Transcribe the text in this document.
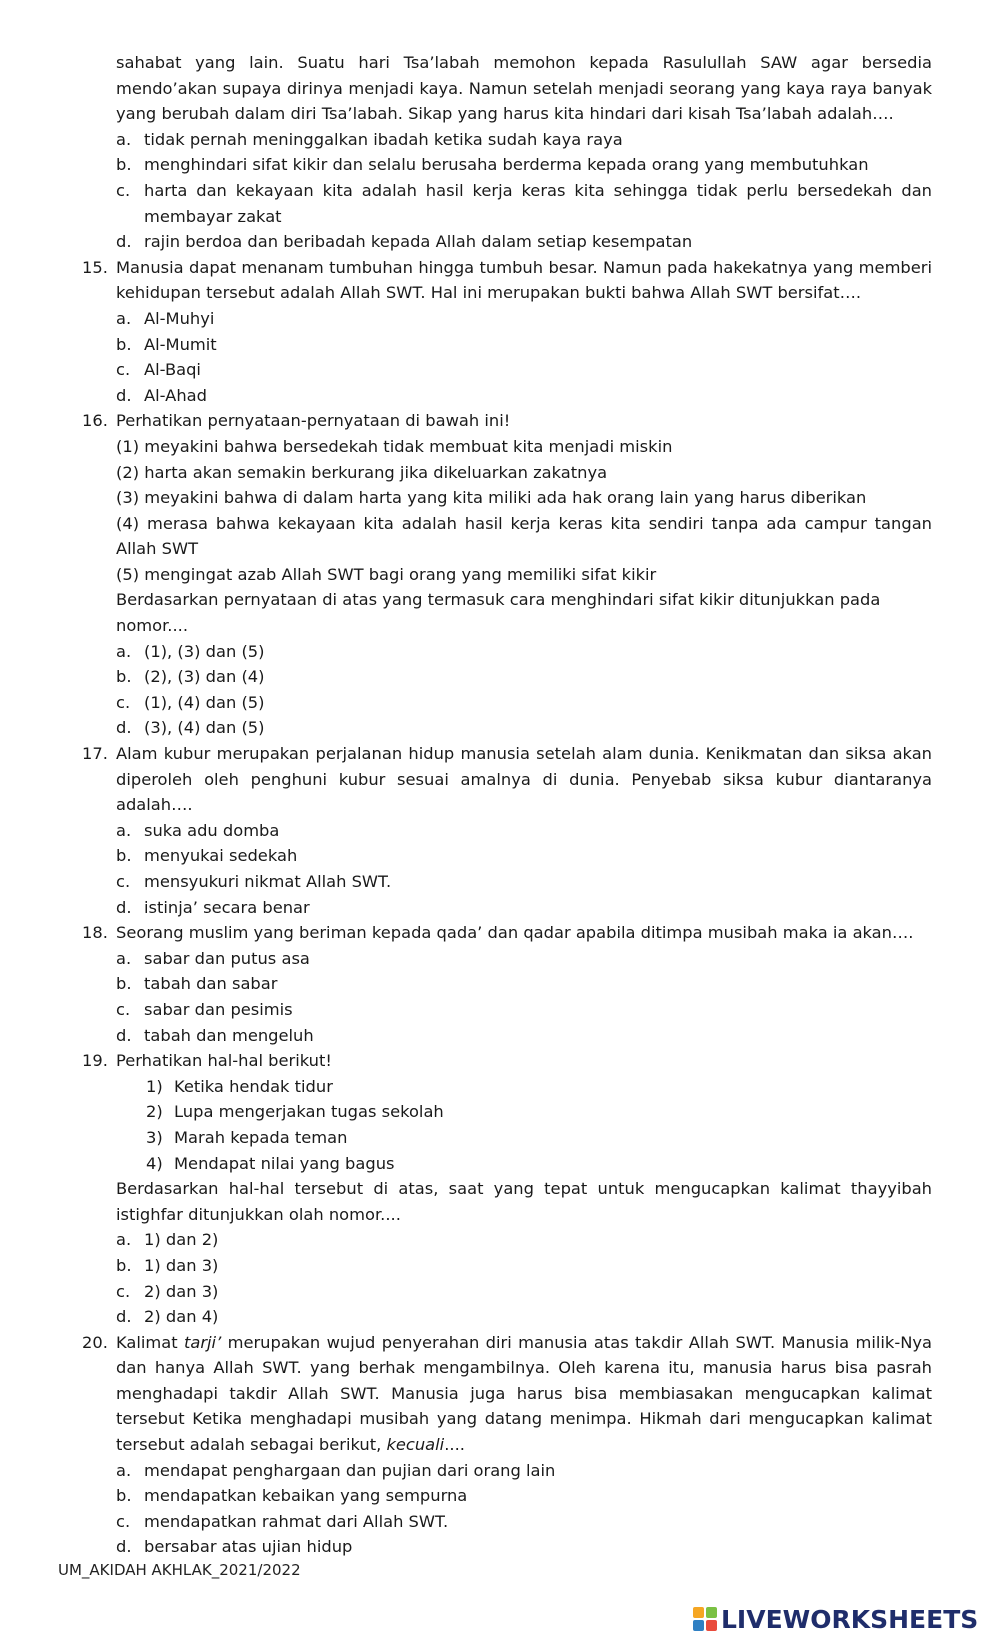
sahabat yang lain. Suatu hari Tsa’labah memohon kepada Rasulullah SAW agar bersedia mendo’akan supaya dirinya menjadi kaya. Namun setelah menjadi seorang yang kaya raya banyak yang berubah dalam diri Tsa’labah. Sikap yang harus kita hindari dari kisah Tsa’labah adalah….
a. tidak pernah meninggalkan ibadah ketika sudah kaya raya
b. menghindari sifat kikir dan selalu berusaha berderma kepada orang yang membutuhkan
c. harta dan kekayaan kita adalah hasil kerja keras kita sehingga tidak perlu bersedekah dan membayar zakat
d. rajin berdoa dan beribadah kepada Allah dalam setiap kesempatan
15. Manusia dapat menanam tumbuhan hingga tumbuh besar. Namun pada hakekatnya yang memberi kehidupan tersebut adalah Allah SWT. Hal ini merupakan bukti bahwa Allah SWT bersifat….
a. Al-Muhyi
b. Al-Mumit
c. Al-Baqi
d. Al-Ahad
16. Perhatikan pernyataan-pernyataan di bawah ini!
(1) meyakini bahwa bersedekah tidak membuat kita menjadi miskin
(2) harta akan semakin berkurang jika dikeluarkan zakatnya
(3) meyakini bahwa di dalam harta yang kita miliki ada hak orang lain yang harus diberikan
(4) merasa bahwa kekayaan kita adalah hasil kerja keras kita sendiri tanpa ada campur tangan Allah SWT
(5) mengingat azab Allah SWT bagi orang yang memiliki sifat kikir
Berdasarkan pernyataan di atas yang termasuk cara menghindari sifat kikir ditunjukkan pada nomor....
a. (1), (3) dan (5)
b. (2), (3) dan (4)
c. (1), (4) dan (5)
d. (3), (4) dan (5)
17. Alam kubur merupakan perjalanan hidup manusia setelah alam dunia. Kenikmatan dan siksa akan diperoleh oleh penghuni kubur sesuai amalnya di dunia. Penyebab siksa kubur diantaranya adalah….
a. suka adu domba
b. menyukai sedekah
c. mensyukuri nikmat Allah SWT.
d. istinja’ secara benar
18. Seorang muslim yang beriman kepada qada’ dan qadar apabila ditimpa musibah maka ia akan….
a. sabar dan putus asa
b. tabah dan sabar
c. sabar dan pesimis
d. tabah dan mengeluh
19. Perhatikan hal-hal berikut!
1) Ketika hendak tidur
2) Lupa mengerjakan tugas sekolah
3) Marah kepada teman
4) Mendapat nilai yang bagus
Berdasarkan hal-hal tersebut di atas, saat yang tepat untuk mengucapkan kalimat thayyibah istighfar ditunjukkan olah nomor....
a. 1) dan 2)
b. 1) dan 3)
c. 2) dan 3)
d. 2) dan 4)
20. Kalimat tarji’ merupakan wujud penyerahan diri manusia atas takdir Allah SWT. Manusia milik-Nya dan hanya Allah SWT. yang berhak mengambilnya. Oleh karena itu, manusia harus bisa pasrah menghadapi takdir Allah SWT. Manusia juga harus bisa membiasakan mengucapkan kalimat tersebut Ketika menghadapi musibah yang datang menimpa. Hikmah dari mengucapkan kalimat tersebut adalah sebagai berikut, kecuali....
a. mendapat penghargaan dan pujian dari orang lain
b. mendapatkan kebaikan yang sempurna
c. mendapatkan rahmat dari Allah SWT.
d. bersabar atas ujian hidup
UM_AKIDAH AKHLAK_2021/2022
LIVEWORKSHEETS
